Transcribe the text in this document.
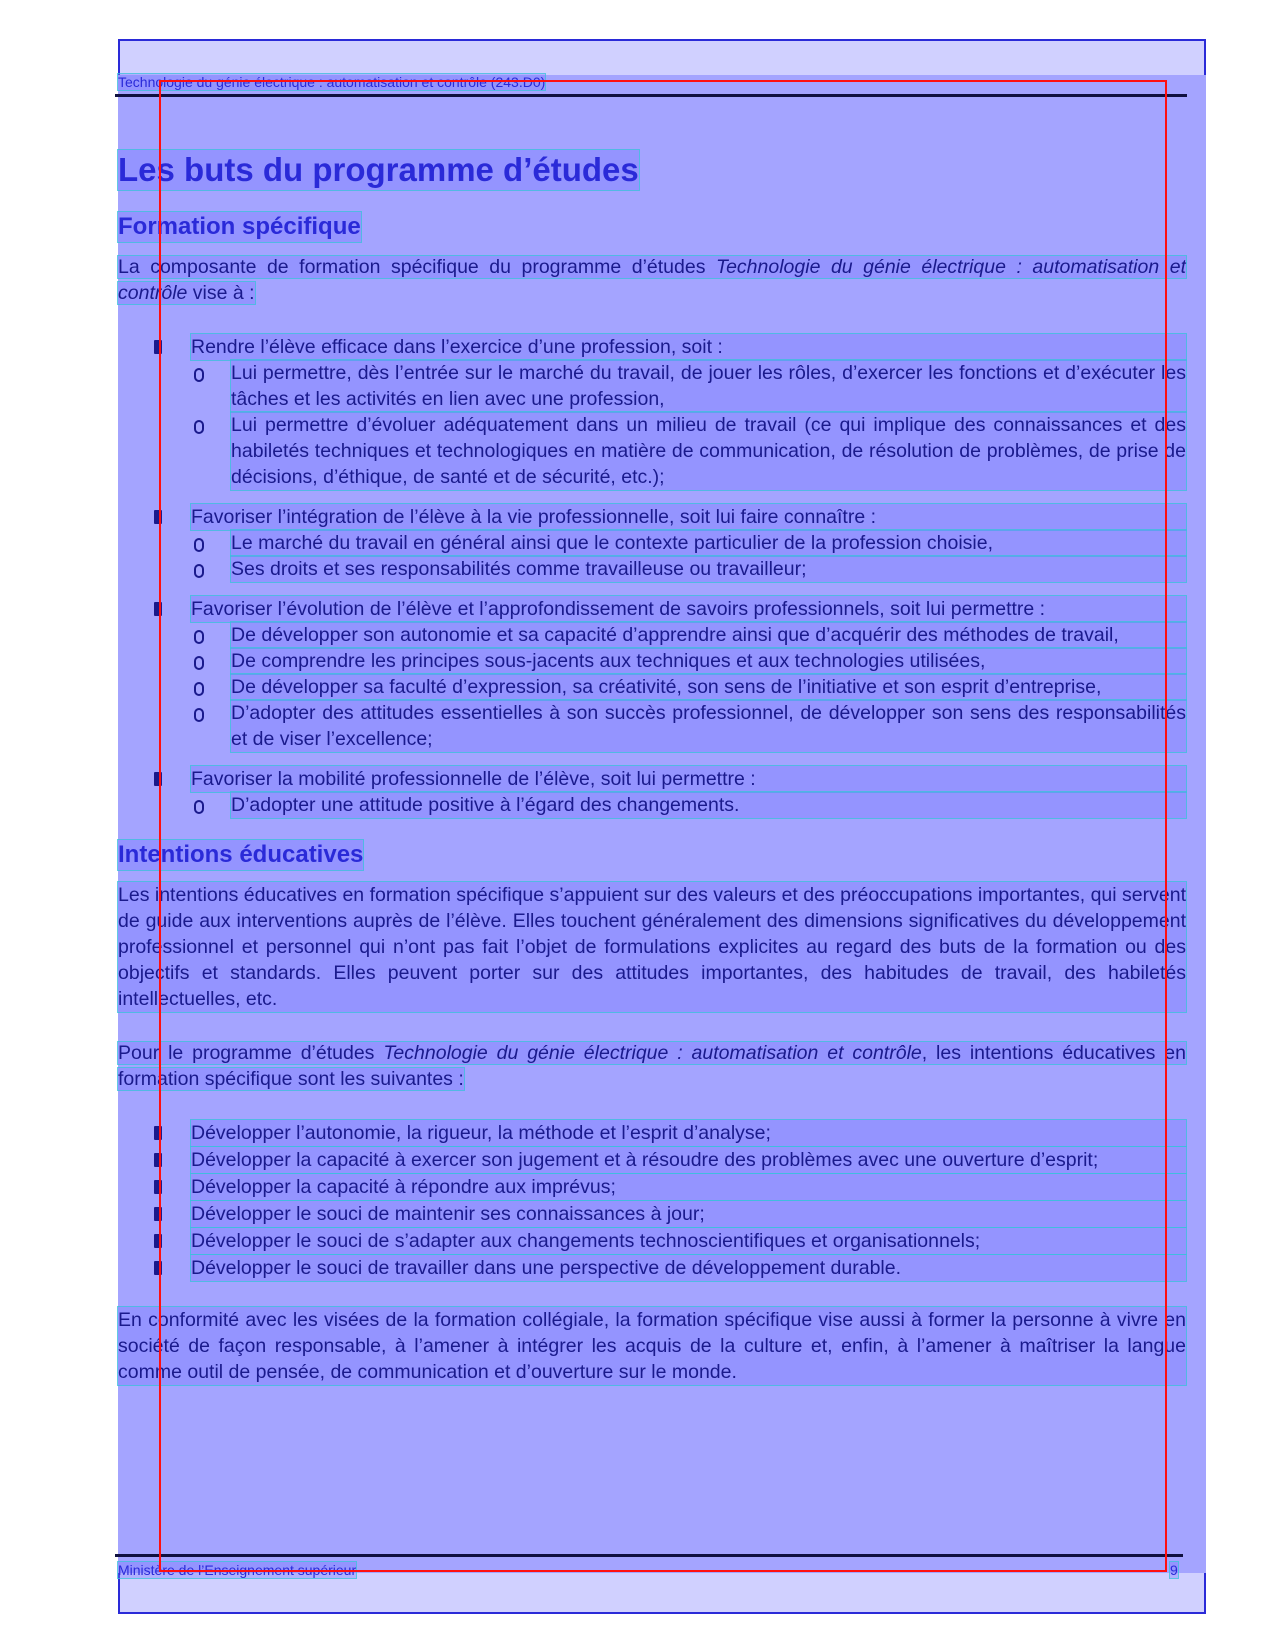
Technologie du génie électrique : automatisation et contrôle (243.D0)
Les buts du programme d’études
Formation spécifique

La composante de formation spécifique du programme d’études Technologie du génie électrique : automatisation et contrôle vise à :

Rendre l’élève efficace dans l’exercice d’une profession, soit :
Lui permettre, dès l’entrée sur le marché du travail, de jouer les rôles, d’exercer les fonctions et d’exécuter les tâches et les activités en lien avec une profession,
Lui permettre d’évoluer adéquatement dans un milieu de travail (ce qui implique des connaissances et des habiletés techniques et technologiques en matière de communication, de résolution de problèmes, de prise de décisions, d’éthique, de santé et de sécurité, etc.);
Favoriser l’intégration de l’élève à la vie professionnelle, soit lui faire connaître :
Le marché du travail en général ainsi que le contexte particulier de la profession choisie,
Ses droits et ses responsabilités comme travailleuse ou travailleur;
Favoriser l’évolution de l’élève et l’approfondissement de savoirs professionnels, soit lui permettre :
De développer son autonomie et sa capacité d’apprendre ainsi que d’acquérir des méthodes de travail,
De comprendre les principes sous-jacents aux techniques et aux technologies utilisées,
De développer sa faculté d’expression, sa créativité, son sens de l’initiative et son esprit d’entreprise,
D’adopter des attitudes essentielles à son succès professionnel, de développer son sens des responsabilités et de viser l’excellence;
Favoriser la mobilité professionnelle de l’élève, soit lui permettre :
D’adopter une attitude positive à l’égard des changements.
Intentions éducatives

Les intentions éducatives en formation spécifique s’appuient sur des valeurs et des préoccupations importantes, qui servent de guide aux interventions auprès de l’élève. Elles touchent généralement des dimensions significatives du développement professionnel et personnel qui n’ont pas fait l’objet de formulations explicites au regard des buts de la formation ou des objectifs et standards. Elles peuvent porter sur des attitudes importantes, des habitudes de travail, des habiletés intellectuelles, etc.

Pour le programme d’études Technologie du génie électrique : automatisation et contrôle, les intentions éducatives en formation spécifique sont les suivantes :

Développer l’autonomie, la rigueur, la méthode et l’esprit d’analyse;
Développer la capacité à exercer son jugement et à résoudre des problèmes avec une ouverture d’esprit;
Développer la capacité à répondre aux imprévus;
Développer le souci de maintenir ses connaissances à jour;
Développer le souci de s’adapter aux changements technoscientifiques et organisationnels;
Développer le souci de travailler dans une perspective de développement durable.

En conformité avec les visées de la formation collégiale, la formation spécifique vise aussi à former la personne à vivre en société de façon responsable, à l’amener à intégrer les acquis de la culture et, enfin, à l’amener à maîtriser la langue comme outil de pensée, de communication et d’ouverture sur le monde.

Ministère de l’Enseignement supérieur	9
